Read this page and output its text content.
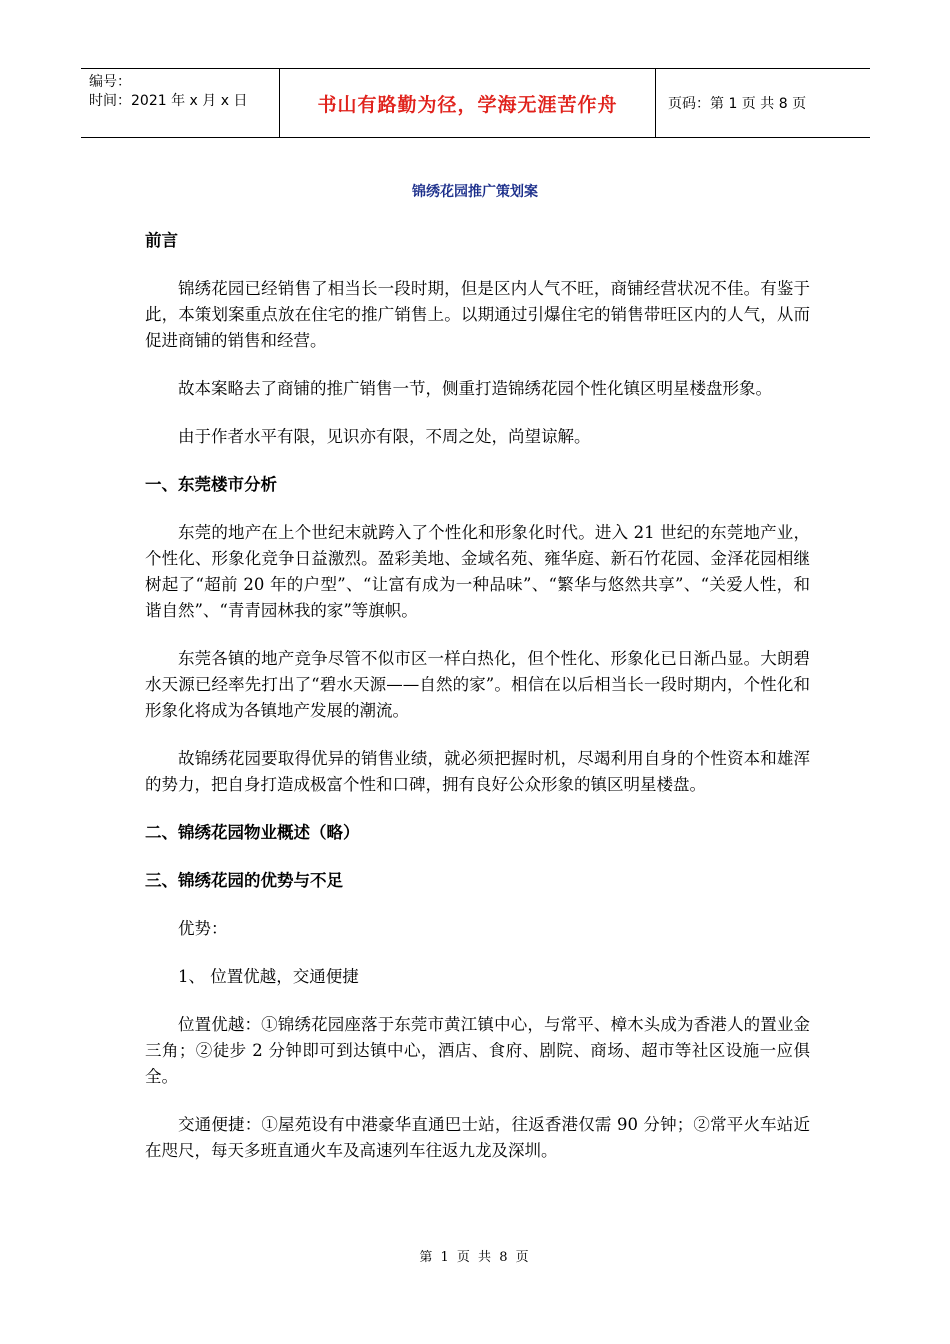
编号：
时间：2021 年 x 月 x 日	书山有路勤为径，学海无涯苦作舟	页码：第 1 页 共 8 页
锦绣花园推广策划案
前言

锦绣花园已经销售了相当长一段时期，但是区内人气不旺，商铺经营状况不佳。有鉴于此，本策划案重点放在住宅的推广销售上。以期通过引爆住宅的销售带旺区内的人气，从而促进商铺的销售和经营。

故本案略去了商铺的推广销售一节，侧重打造锦绣花园个性化镇区明星楼盘形象。

由于作者水平有限，见识亦有限，不周之处，尚望谅解。

一、东莞楼市分析

东莞的地产在上个世纪末就跨入了个性化和形象化时代。进入 21 世纪的东莞地产业，个性化、形象化竞争日益激烈。盈彩美地、金域名苑、雍华庭、新石竹花园、金泽花园相继树起了“超前 20 年的户型”、“让富有成为一种品味”、“繁华与悠然共享”、“关爱人性，和谐自然”、“青青园林我的家”等旗帜。

东莞各镇的地产竞争尽管不似市区一样白热化，但个性化、形象化已日渐凸显。大朗碧水天源已经率先打出了“碧水天源——自然的家”。相信在以后相当长一段时期内，个性化和形象化将成为各镇地产发展的潮流。

故锦绣花园要取得优异的销售业绩，就必须把握时机，尽竭利用自身的个性资本和雄浑的势力，把自身打造成极富个性和口碑，拥有良好公众形象的镇区明星楼盘。

二、锦绣花园物业概述（略）
三、锦绣花园的优势与不足

优势：

1、 位置优越，交通便捷

位置优越：①锦绣花园座落于东莞市黄江镇中心，与常平、樟木头成为香港人的置业金三角；②徒步 2 分钟即可到达镇中心，酒店、食府、剧院、商场、超市等社区设施一应俱全。

交通便捷：①屋苑设有中港豪华直通巴士站，往返香港仅需 90 分钟；②常平火车站近在咫尺，每天多班直通火车及高速列车往返九龙及深圳。

第 1 页 共 8 页
